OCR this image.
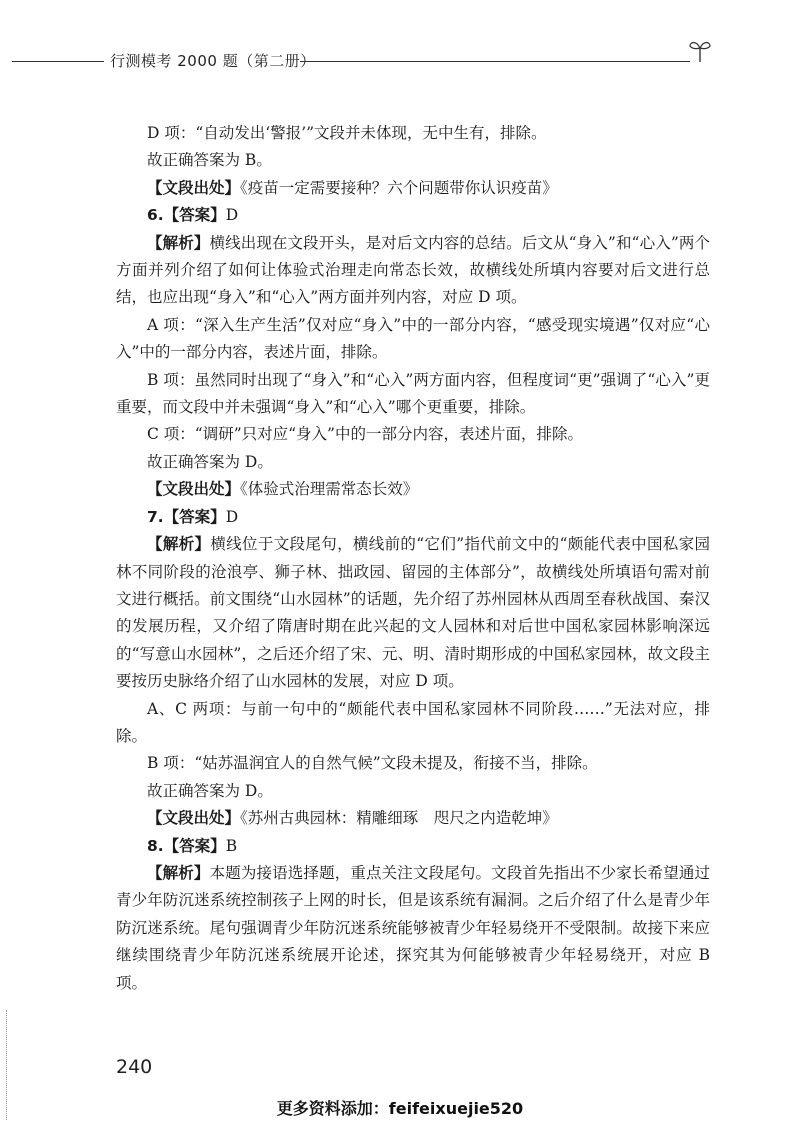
行测模考 2000 题（第二册）

D 项：“自动发出‘警报’”文段并未体现，无中生有，排除。

故正确答案为 B。

【文段出处】《疫苗一定需要接种？六个问题带你认识疫苗》

6.【答案】D

【解析】横线出现在文段开头，是对后文内容的总结。后文从“身入”和“心入”两个方面并列介绍了如何让体验式治理走向常态长效，故横线处所填内容要对后文进行总结，也应出现“身入”和“心入”两方面并列内容，对应 D 项。

A 项：“深入生产生活”仅对应“身入”中的一部分内容，“感受现实境遇”仅对应“心入”中的一部分内容，表述片面，排除。

B 项：虽然同时出现了“身入”和“心入”两方面内容，但程度词“更”强调了“心入”更重要，而文段中并未强调“身入”和“心入”哪个更重要，排除。

C 项：“调研”只对应“身入”中的一部分内容，表述片面，排除。

故正确答案为 D。

【文段出处】《体验式治理需常态长效》

7.【答案】D

【解析】横线位于文段尾句，横线前的“它们”指代前文中的“颇能代表中国私家园林不同阶段的沧浪亭、狮子林、拙政园、留园的主体部分”，故横线处所填语句需对前文进行概括。前文围绕“山水园林”的话题，先介绍了苏州园林从西周至春秋战国、秦汉的发展历程，又介绍了隋唐时期在此兴起的文人园林和对后世中国私家园林影响深远的“写意山水园林”，之后还介绍了宋、元、明、清时期形成的中国私家园林，故文段主要按历史脉络介绍了山水园林的发展，对应 D 项。

A、C 两项：与前一句中的“颇能代表中国私家园林不同阶段……”无法对应，排除。

B 项：“姑苏温润宜人的自然气候”文段未提及，衔接不当，排除。

故正确答案为 D。

【文段出处】《苏州古典园林：精雕细琢　咫尺之内造乾坤》

8.【答案】B

【解析】本题为接语选择题，重点关注文段尾句。文段首先指出不少家长希望通过青少年防沉迷系统控制孩子上网的时长，但是该系统有漏洞。之后介绍了什么是青少年防沉迷系统。尾句强调青少年防沉迷系统能够被青少年轻易绕开不受限制。故接下来应继续围绕青少年防沉迷系统展开论述，探究其为何能够被青少年轻易绕开，对应 B 项。

240
更多资料添加：feifeixuejie520
